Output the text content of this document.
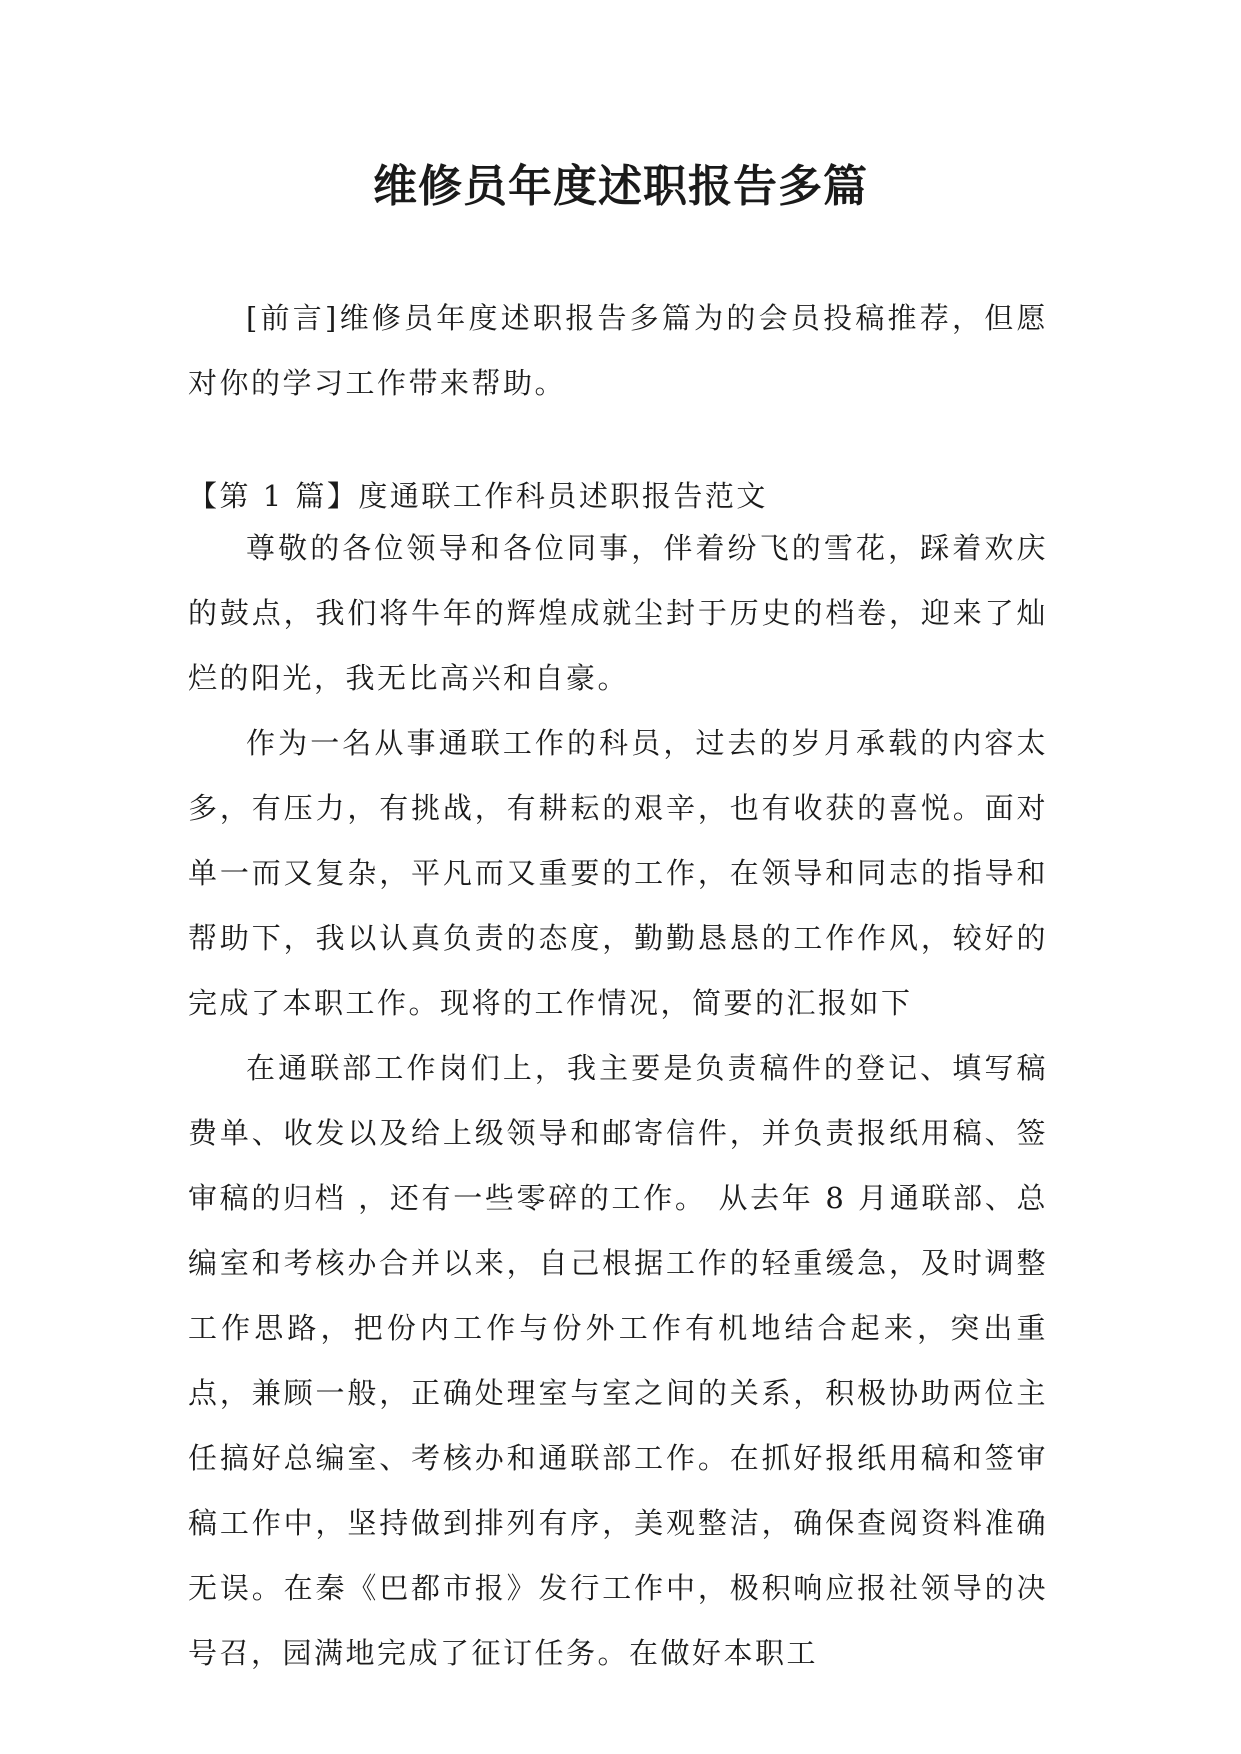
维修员年度述职报告多篇

[前言]维修员年度述职报告多篇为的会员投稿推荐，但愿对你的学习工作带来帮助。

【第 1 篇】度通联工作科员述职报告范文

尊敬的各位领导和各位同事，伴着纷飞的雪花，踩着欢庆的鼓点，我们将牛年的辉煌成就尘封于历史的档卷，迎来了灿烂的阳光，我无比高兴和自豪。

作为一名从事通联工作的科员，过去的岁月承载的内容太多，有压力，有挑战，有耕耘的艰辛，也有收获的喜悦。面对单一而又复杂，平凡而又重要的工作，在领导和同志的指导和帮助下，我以认真负责的态度，勤勤恳恳的工作作风，较好的完成了本职工作。现将的工作情况，简要的汇报如下

在通联部工作岗们上，我主要是负责稿件的登记、填写稿费单、收发以及给上级领导和邮寄信件，并负责报纸用稿、签审稿的归档 ，还有一些零碎的工作。 从去年 8 月通联部、总编室和考核办合并以来，自己根据工作的轻重缓急，及时调整工作思路，把份内工作与份外工作有机地结合起来，突出重点，兼顾一般，正确处理室与室之间的关系，积极协助两位主任搞好总编室、考核办和通联部工作。在抓好报纸用稿和签审稿工作中，坚持做到排列有序，美观整洁，确保查阅资料准确无误。在秦《巴都市报》发行工作中，极积响应报社领导的决号召，园满地完成了征订任务。在做好本职工
